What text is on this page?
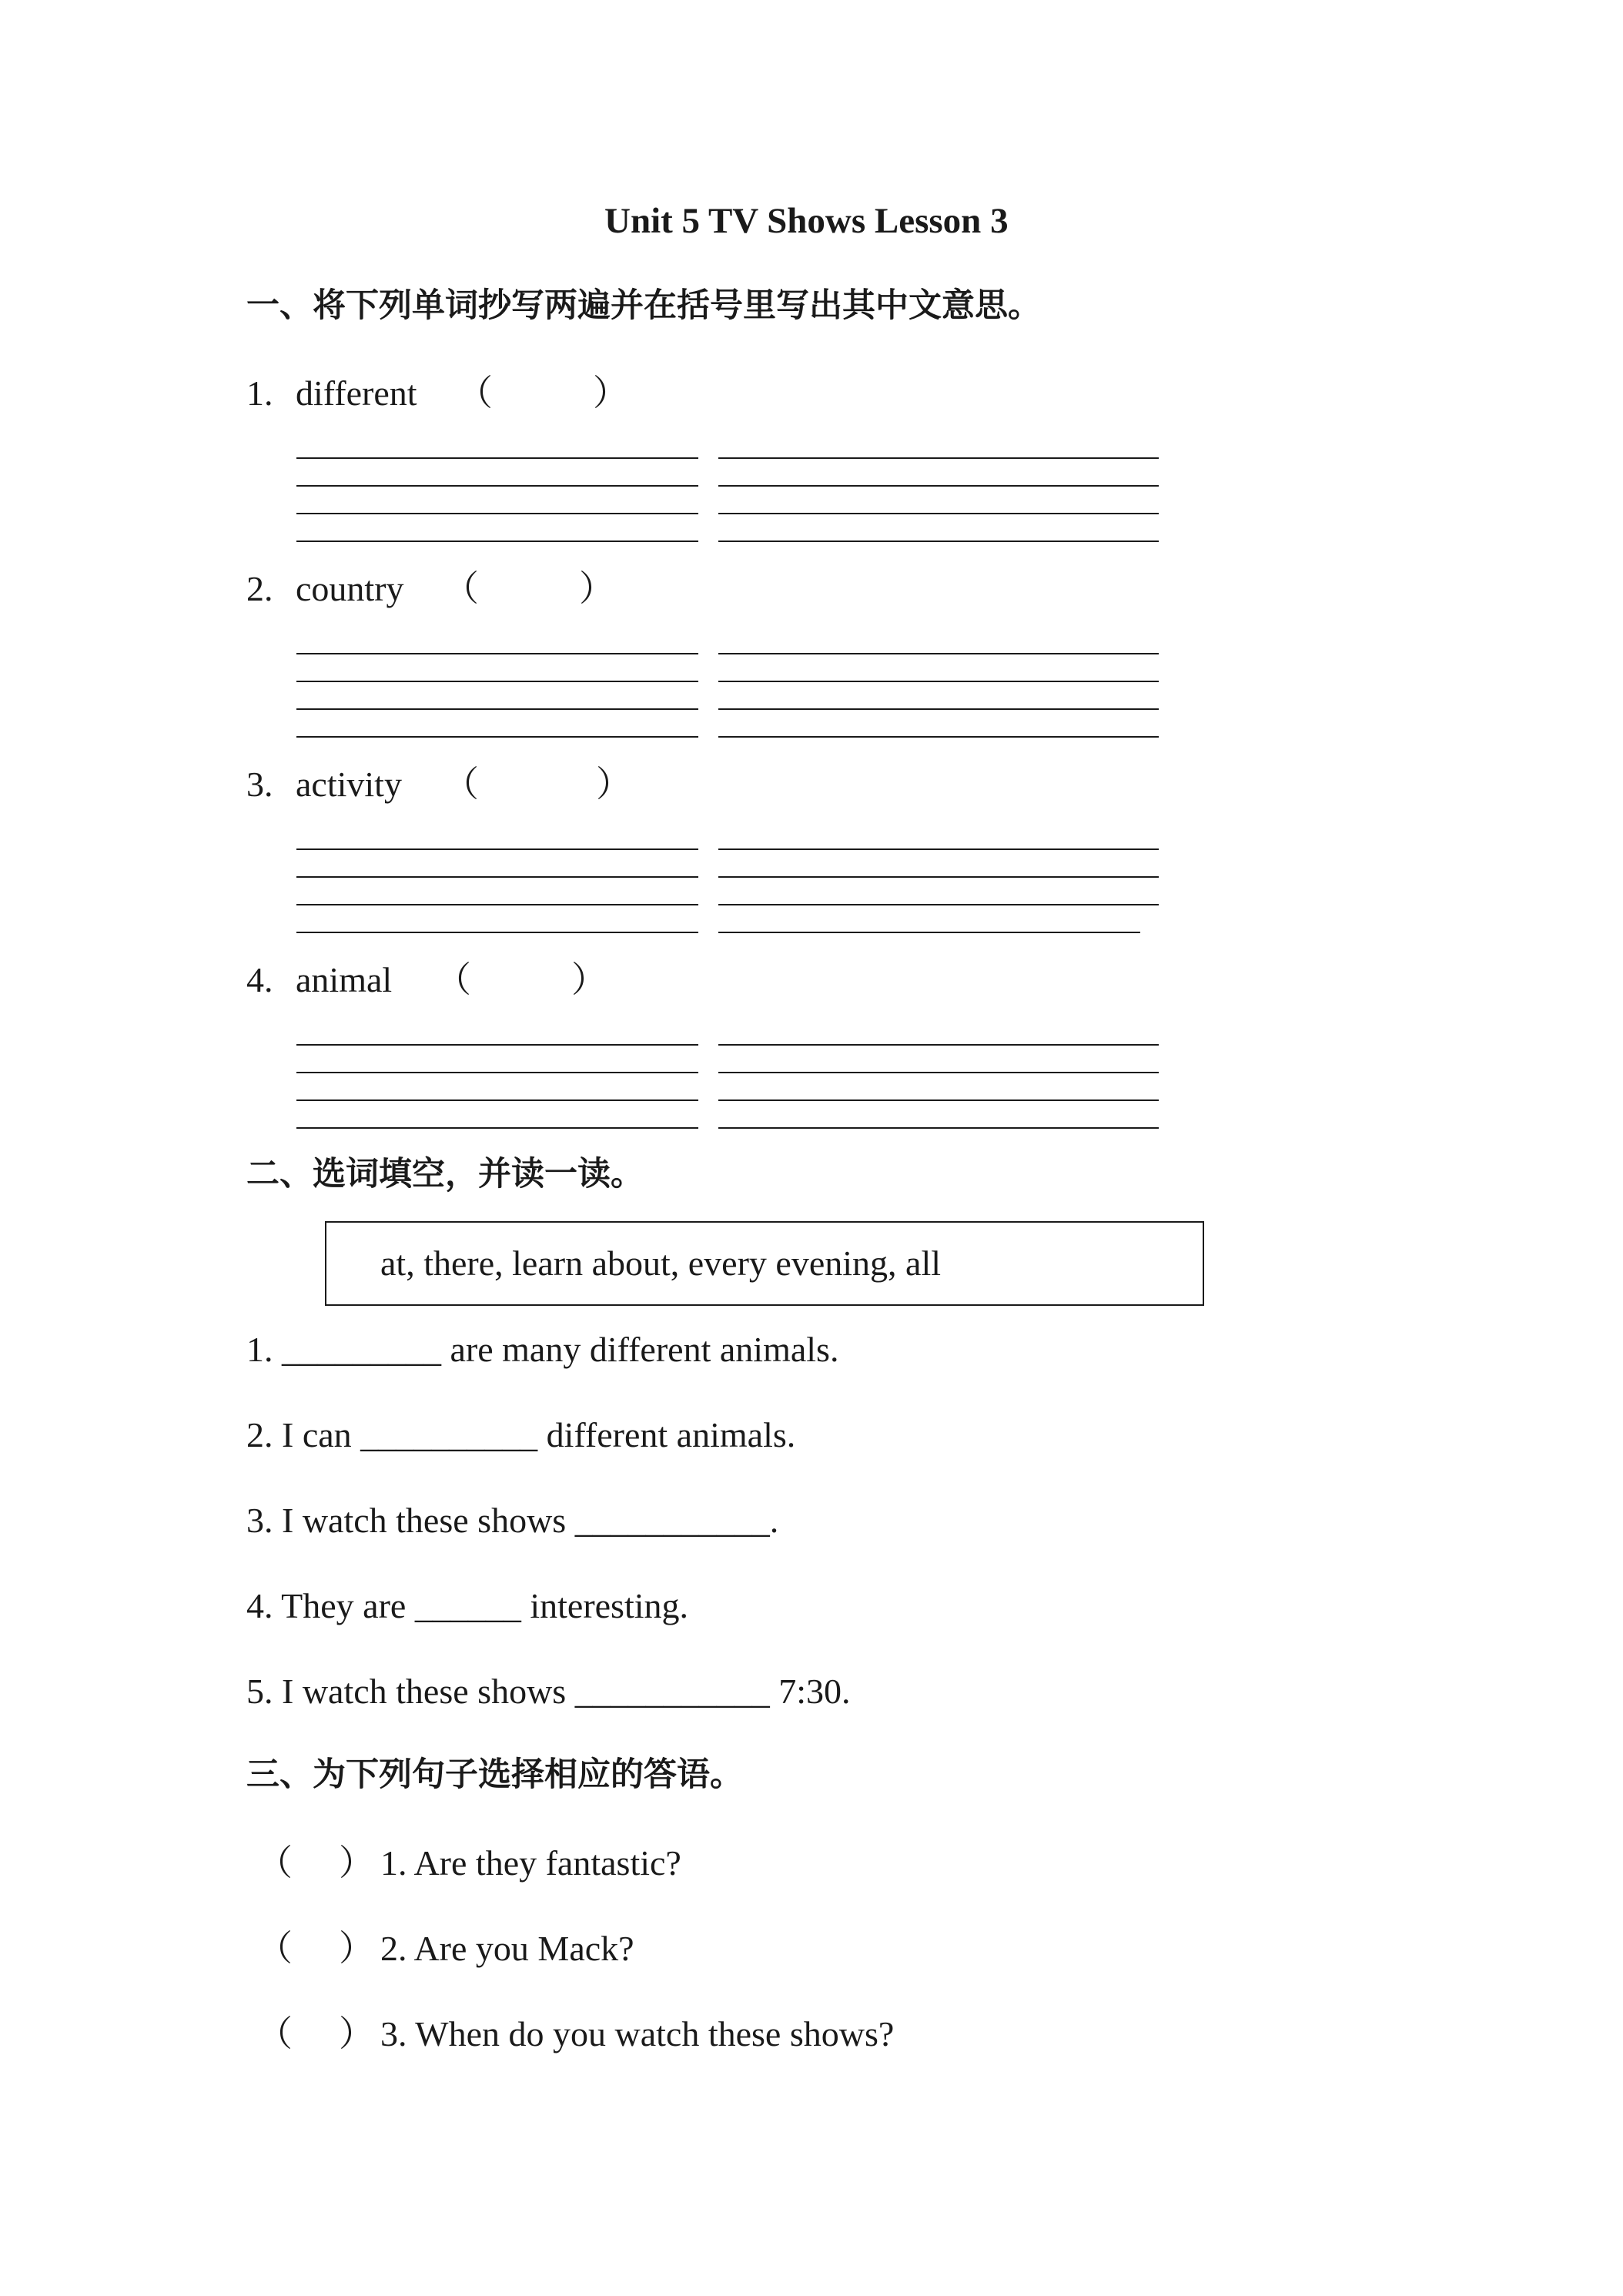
Unit 5 TV Shows Lesson 3
一、将下列单词抄写两遍并在括号里写出其中文意思。
1. different （	）
2. country （	）
3. activity （	）
4. animal （	）
二、选词填空，并读一读。
at, there, learn about, every evening, all
1. _________ are many different animals.
2. I can __________ different animals.
3. I watch these shows ___________.
4. They are ______ interesting.
5. I watch these shows ___________ 7:30.
三、为下列句子选择相应的答语。
（ ） 1. Are they fantastic?
（ ） 2. Are you Mack?
（ ） 3. When do you watch these shows?
